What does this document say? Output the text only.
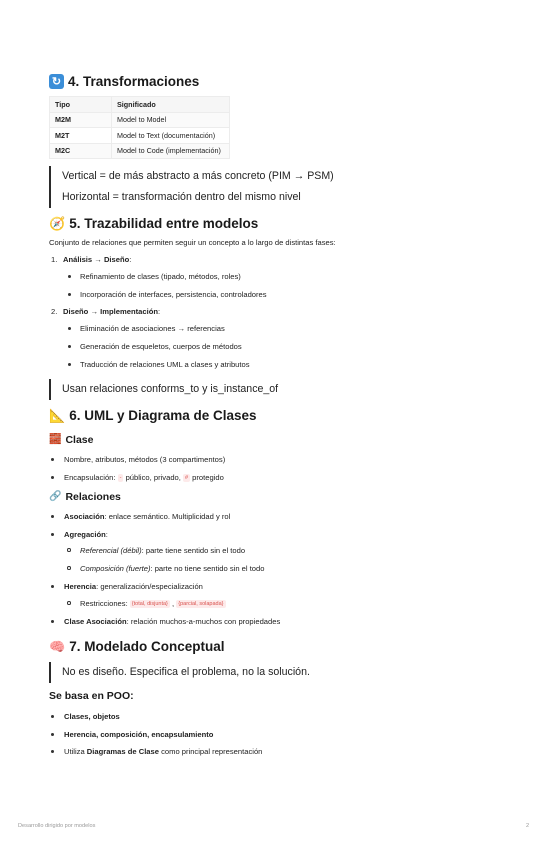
↻ 4. Transformaciones
Tipo	Significado
M2M	Model to Model
M2T	Model to Text (documentación)
M2C	Model to Code (implementación)
Vertical = de más abstracto a más concreto (PIM → PSM)
Horizontal = transformación dentro del mismo nivel
🧭 5. Trazabilidad entre modelos
Conjunto de relaciones que permiten seguir un concepto a lo largo de distintas fases:
1. Análisis → Diseño:
Refinamiento de clases (tipado, métodos, roles)
Incorporación de interfaces, persistencia, controladores
2. Diseño → Implementación:
Eliminación de asociaciones → referencias
Generación de esqueletos, cuerpos de métodos
Traducción de relaciones UML a clases y atributos
Usan relaciones conforms_to y is_instance_of
📐 6. UML y Diagrama de Clases
🧱 Clase
Nombre, atributos, métodos (3 compartimentos)
Encapsulación: - público, privado, # protegido
🔗 Relaciones
Asociación: enlace semántico. Multiplicidad y rol
Agregación:
Referencial (débil): parte tiene sentido sin el todo
Composición (fuerte): parte no tiene sentido sin el todo
Herencia: generalización/especialización
Restricciones: {total, disjunta} , {parcial, solapada}
Clase Asociación: relación muchos-a-muchos con propiedades
🧠 7. Modelado Conceptual
No es diseño. Especifica el problema, no la solución.
Se basa en POO:
Clases, objetos
Herencia, composición, encapsulamiento
Utiliza Diagramas de Clase como principal representación
Desarrollo dirigido por modelos	2
